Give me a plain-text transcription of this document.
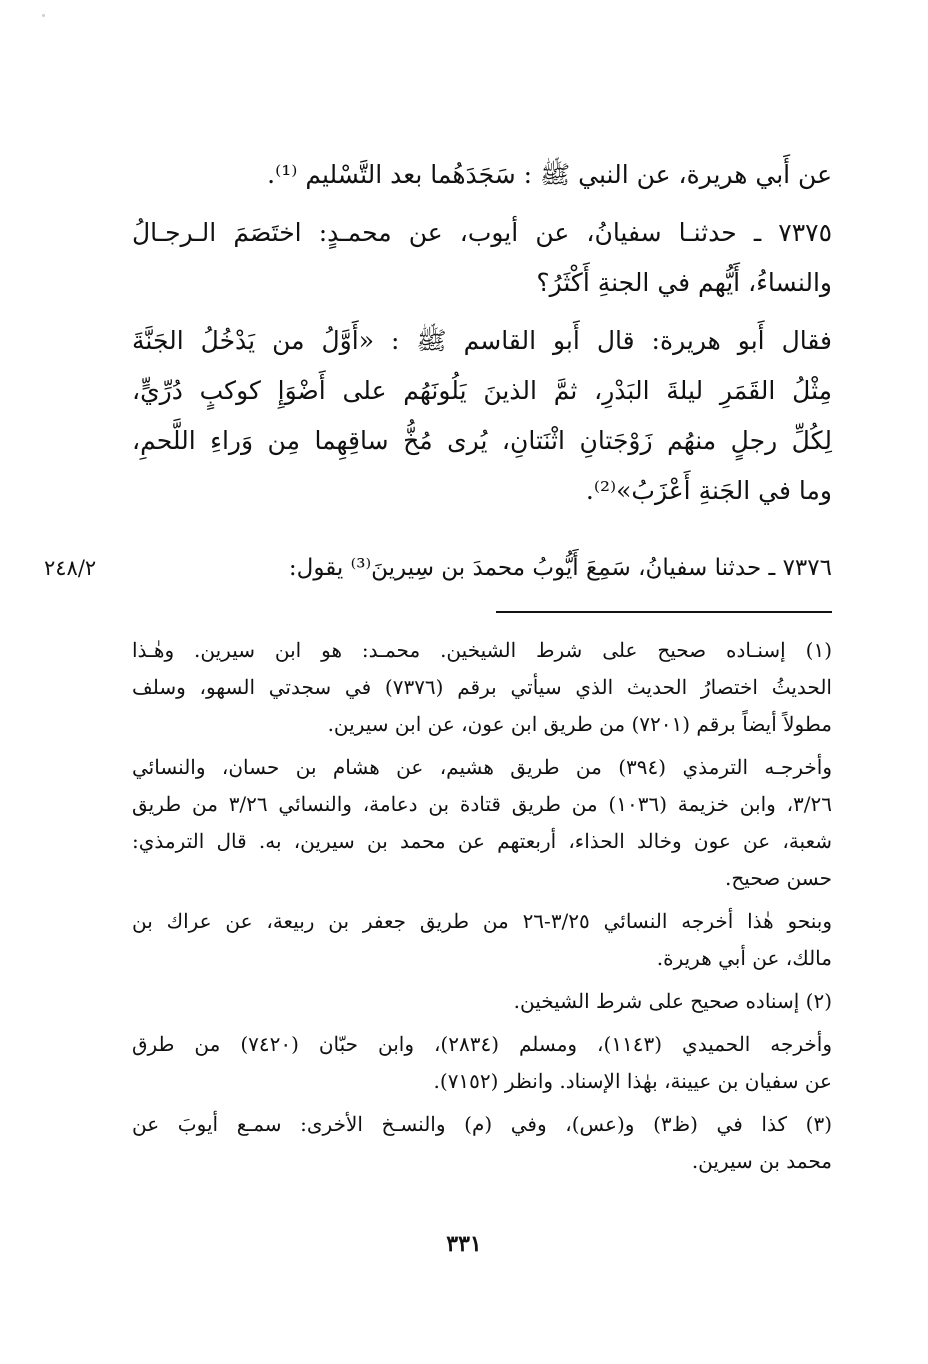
عن أَبي هريرة، عن النبي ﷺ : سَجَدَهُما بعد التَّسْليم ⁽¹⁾.

٧٣٧٥ ـ حدثنـا سفيانُ، عن أيوب، عن محمـدٍ: اختَصَمَ الـرجـالُ

والنساءُ، أَيُّهم في الجنةِ أَكْثَرُ؟

فقال أَبو هريرة: قال أَبو القاسم ﷺ : «أَوَّلُ من يَدْخُلُ الجَنَّةَ

مِثْلُ القَمَرِ ليلةَ البَدْرِ، ثمَّ الذينَ يَلُونَهُم على أَضْوَإِ كوكبٍ دُرِّيٍّ،

لِكُلِّ رجلٍ منهُم زَوْجَتانِ اثْنَتانِ، يُرى مُخُّ ساقِهِما مِن وَراءِ اللَّحمِ،

وما في الجَنةِ أَعْزَبُ»⁽²⁾.

٧٣٧٦ ـ حدثنا سفيانُ، سَمِعَ أَيُّوبُ محمدَ بن سِيرينَ⁽³⁾ يقول:
٢٤٨/٢

(١) إسنـاده صحيح على شرط الشيخين. محمـد: هو ابن سيرين. وهٰـذا

الحديثُ اختصارُ الحديث الذي سيأتي برقم (٧٣٧٦) في سجدتي السهو، وسلف

مطولاً أيضاً برقم (٧٢٠١) من طريق ابن عون، عن ابن سيرين.

وأخرجـه الترمذي (٣٩٤) من طريق هشيم، عن هشام بن حسان، والنسائي

٣/٢٦، وابن خزيمة (١٠٣٦) من طريق قتادة بن دعامة، والنسائي ٣/٢٦ من طريق

شعبة، عن عون وخالد الحذاء، أربعتهم عن محمد بن سيرين، به. قال الترمذي:

حسن صحيح.

وبنحو هٰذا أخرجه النسائي ٣/٢٥-٢٦ من طريق جعفر بن ربيعة، عن عراك بن

مالك، عن أبي هريرة.

(٢) إسناده صحيح على شرط الشيخين.

وأخرجه الحميدي (١١٤٣)، ومسلم (٢٨٣٤)، وابن حبّان (٧٤٢٠) من طرق

عن سفيان بن عيينة، بهٰذا الإسناد. وانظر (٧١٥٢).

(٣) كذا في (ظ٣) و(عس)، وفي (م) والنسـخ الأخرى: سمـع أيوبَ عن

محمد بن سيرين.

٣٣١
